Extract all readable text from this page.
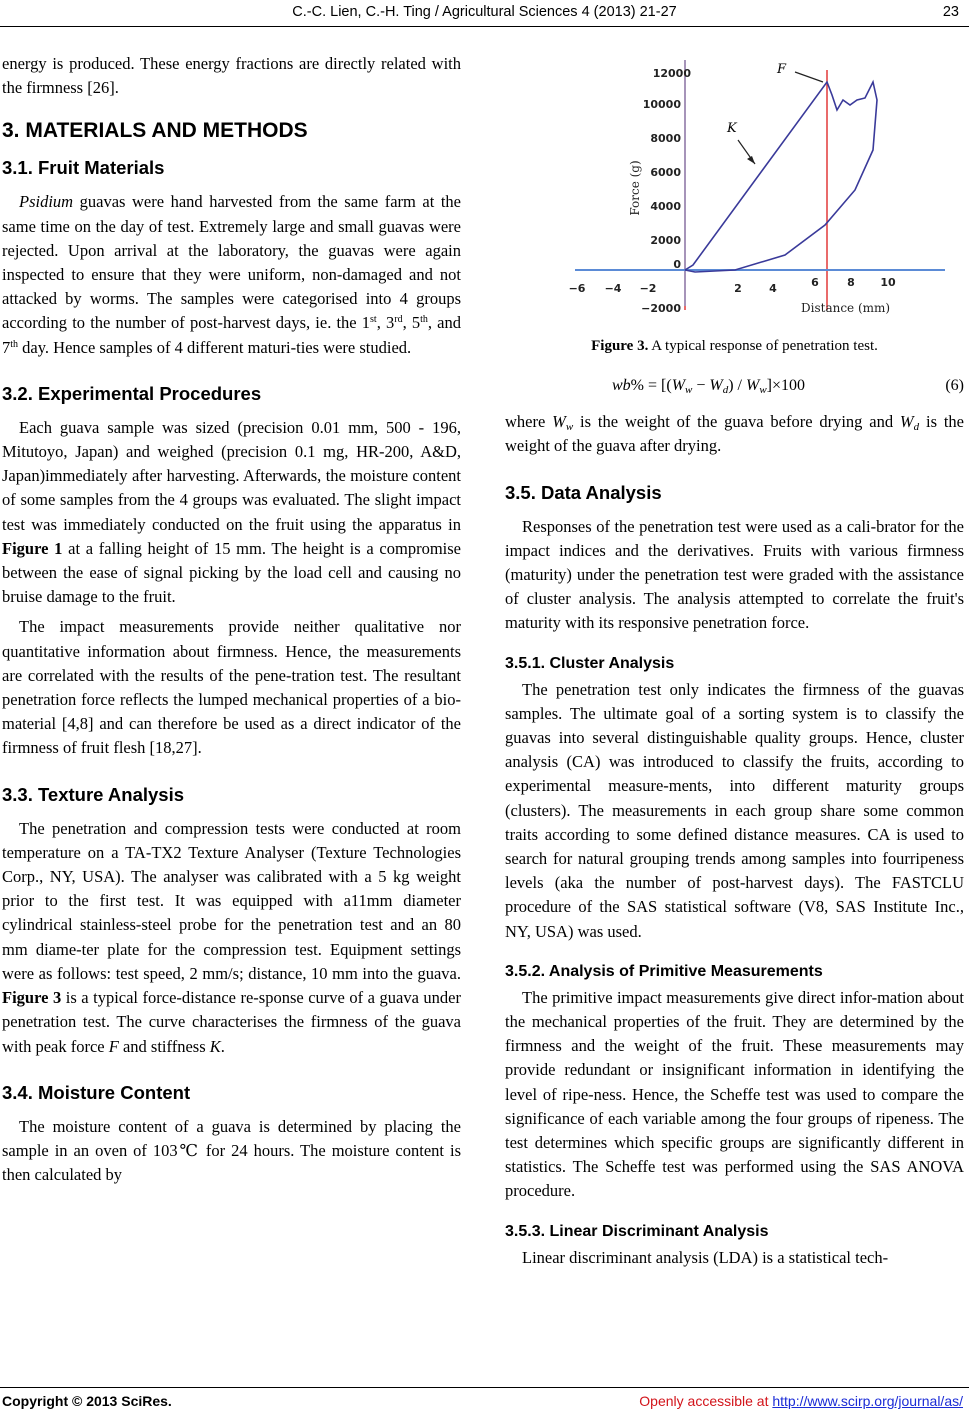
C.-C. Lien, C.-H. Ting / Agricultural Sciences 4 (2013) 21-27	23

energy is produced. These energy fractions are directly related with the firmness [26].

3. MATERIALS AND METHODS
3.1. Fruit Materials

Psidium guavas were hand harvested from the same farm at the same time on the day of test. Extremely large and small guavas were rejected. Upon arrival at the laboratory, the guavas were again inspected to ensure that they were uniform, non-damaged and not attacked by worms. The samples were categorised into 4 groups according to the number of post-harvest days, ie. the 1st, 3rd, 5th, and 7th day. Hence samples of 4 different maturi-ties were studied.

3.2. Experimental Procedures

Each guava sample was sized (precision 0.01 mm, 500 - 196, Mitutoyo, Japan) and weighed (precision 0.1 mg, HR-200, A&D, Japan)immediately after harvesting. Afterwards, the moisture content of some samples from the 4 groups was evaluated. The slight impact test was immediately conducted on the fruit using the apparatus in Figure 1 at a falling height of 15 mm. The height is a compromise between the ease of signal picking by the load cell and causing no bruise damage to the fruit.

The impact measurements provide neither qualitative nor quantitative information about firmness. Hence, the measurements are correlated with the results of the pene-tration test. The resultant penetration force reflects the lumped mechanical properties of a bio-material [4,8] and can therefore be used as a direct indicator of the firmness of fruit flesh [18,27].

3.3. Texture Analysis

The penetration and compression tests were conducted at room temperature on a TA-TX2 Texture Analyser (Texture Technologies Corp., NY, USA). The analyser was calibrated with a 5 kg weight prior to the first test. It was equipped with a11mm diameter cylindrical stainless-steel probe for the penetration test and an 80 mm diame-ter plate for the compression test. Equipment settings were as follows: test speed, 2 mm/s; distance, 10 mm into the guava. Figure 3 is a typical force-distance re-sponse curve of a guava under penetration test. The curve characterises the firmness of the guava with peak force F and stiffness K.

3.4. Moisture Content

The moisture content of a guava is determined by placing the sample in an oven of 103℃ for 24 hours. The moisture content is then calculated by

F
K
12000
10000
8000
6000
4000
2000
0
−2000
−6 −4 −2	2 4	6	8 10
Distance (mm)
Force (g)
Figure 3. A typical response of penetration test.
$wb\% = [(W_w - W_d) / W_w]\times 100$	(6)

where $W_w$ is the weight of the guava before drying and $W_d$ is the weight of the guava after drying.

3.5. Data Analysis

Responses of the penetration test were used as a cali-brator for the impact indices and the derivatives. Fruits with various firmness (maturity) under the penetration test were graded with the assistance of cluster analysis. The analysis attempted to correlate the fruit's maturity with its responsive penetration force.

3.5.1. Cluster Analysis

The penetration test only indicates the firmness of the guavas samples. The ultimate goal of a sorting system is to classify the guavas into several distinguishable quality groups. Hence, cluster analysis (CA) was introduced to classify the fruits, according to experimental measure-ments, into different maturity groups (clusters). The measurements in each group share some common traits according to some defined distance measures. CA is used to search for natural grouping trends among samples into fourripeness levels (aka the number of post-harvest days). The FASTCLU procedure of the SAS statistical software (V8, SAS Institute Inc., NY, USA) was used.

3.5.2. Analysis of Primitive Measurements

The primitive impact measurements give direct infor-mation about the mechanical properties of the fruit. They are determined by the firmness and the weight of the fruit. These measurements may provide redundant or insignificant information in identifying the level of ripe-ness. Hence, the Scheffe test was used to compare the significance of each variable among the four groups of ripeness. The test determines which specific groups are significantly different in statistics. The Scheffe test was performed using the SAS ANOVA procedure.

3.5.3. Linear Discriminant Analysis

Linear discriminant analysis (LDA) is a statistical tech-

Copyright © 2013 SciRes.	Openly accessible at http://www.scirp.org/journal/as/
